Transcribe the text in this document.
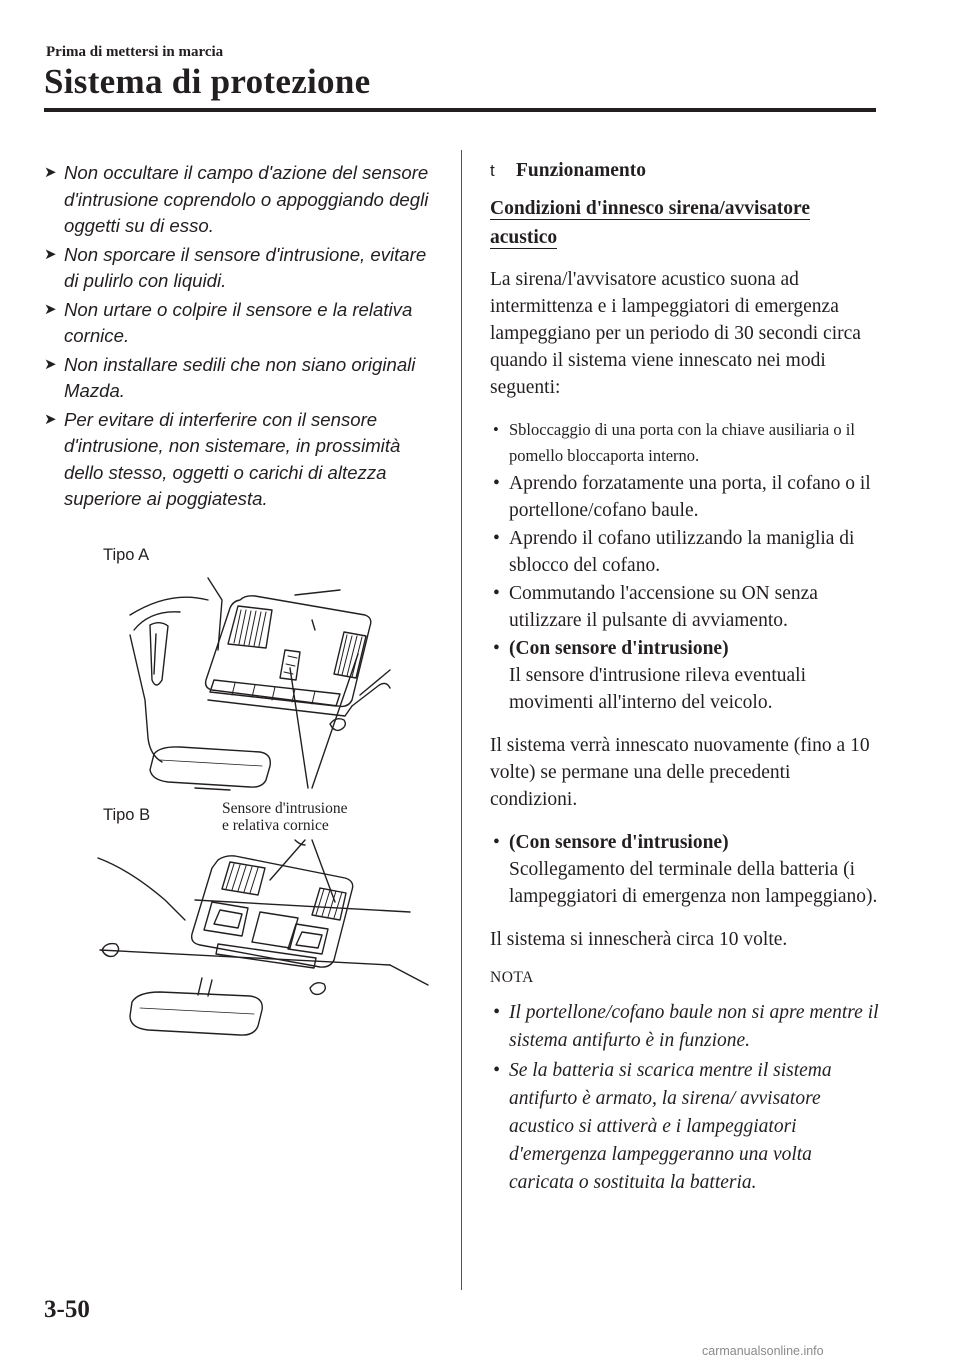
Prima di mettersi in marcia
Sistema di protezione
➤ Non occultare il campo d'azione del sensore d'intrusione coprendolo o appoggiando degli oggetti su di esso.
➤ Non sporcare il sensore d'intrusione, evitare di pulirlo con liquidi.
➤ Non urtare o colpire il sensore e la relativa cornice.
➤ Non installare sedili che non siano originali Mazda.
➤ Per evitare di interferire con il sensore d'intrusione, non sistemare, in prossimità dello stesso, oggetti o carichi di altezza superiore ai poggiatesta.
Tipo A
Tipo B	Sensore d'intrusione
e relativa cornice
t	Funzionamento
Condizioni d'innesco sirena/avvisatore acustico
La sirena/l'avvisatore acustico suona ad intermittenza e i lampeggiatori di emergenza lampeggiano per un periodo di 30 secondi circa quando il sistema viene innescato nei modi seguenti:
• Sbloccaggio di una porta con la chiave ausiliaria o il pomello bloccaporta interno.
• Aprendo forzatamente una porta, il cofano o il portellone/cofano baule.
• Aprendo il cofano utilizzando la maniglia di sblocco del cofano.
• Commutando l'accensione su ON senza utilizzare il pulsante di avviamento.
• (Con sensore d'intrusione)
Il sensore d'intrusione rileva eventuali movimenti all'interno del veicolo.
Il sistema verrà innescato nuovamente (fino a 10 volte) se permane una delle precedenti condizioni.
• (Con sensore d'intrusione)
Scollegamento del terminale della batteria (i lampeggiatori di emergenza non lampeggiano).
Il sistema si innescherà circa 10 volte.
NOTA
• Il portellone/cofano baule non si apre mentre il sistema antifurto è in funzione.
• Se la batteria si scarica mentre il sistema antifurto è armato, la sirena/ avvisatore acustico si attiverà e i lampeggiatori d'emergenza lampeggeranno una volta caricata o sostituita la batteria.
3-50
carmanualsonline.info
